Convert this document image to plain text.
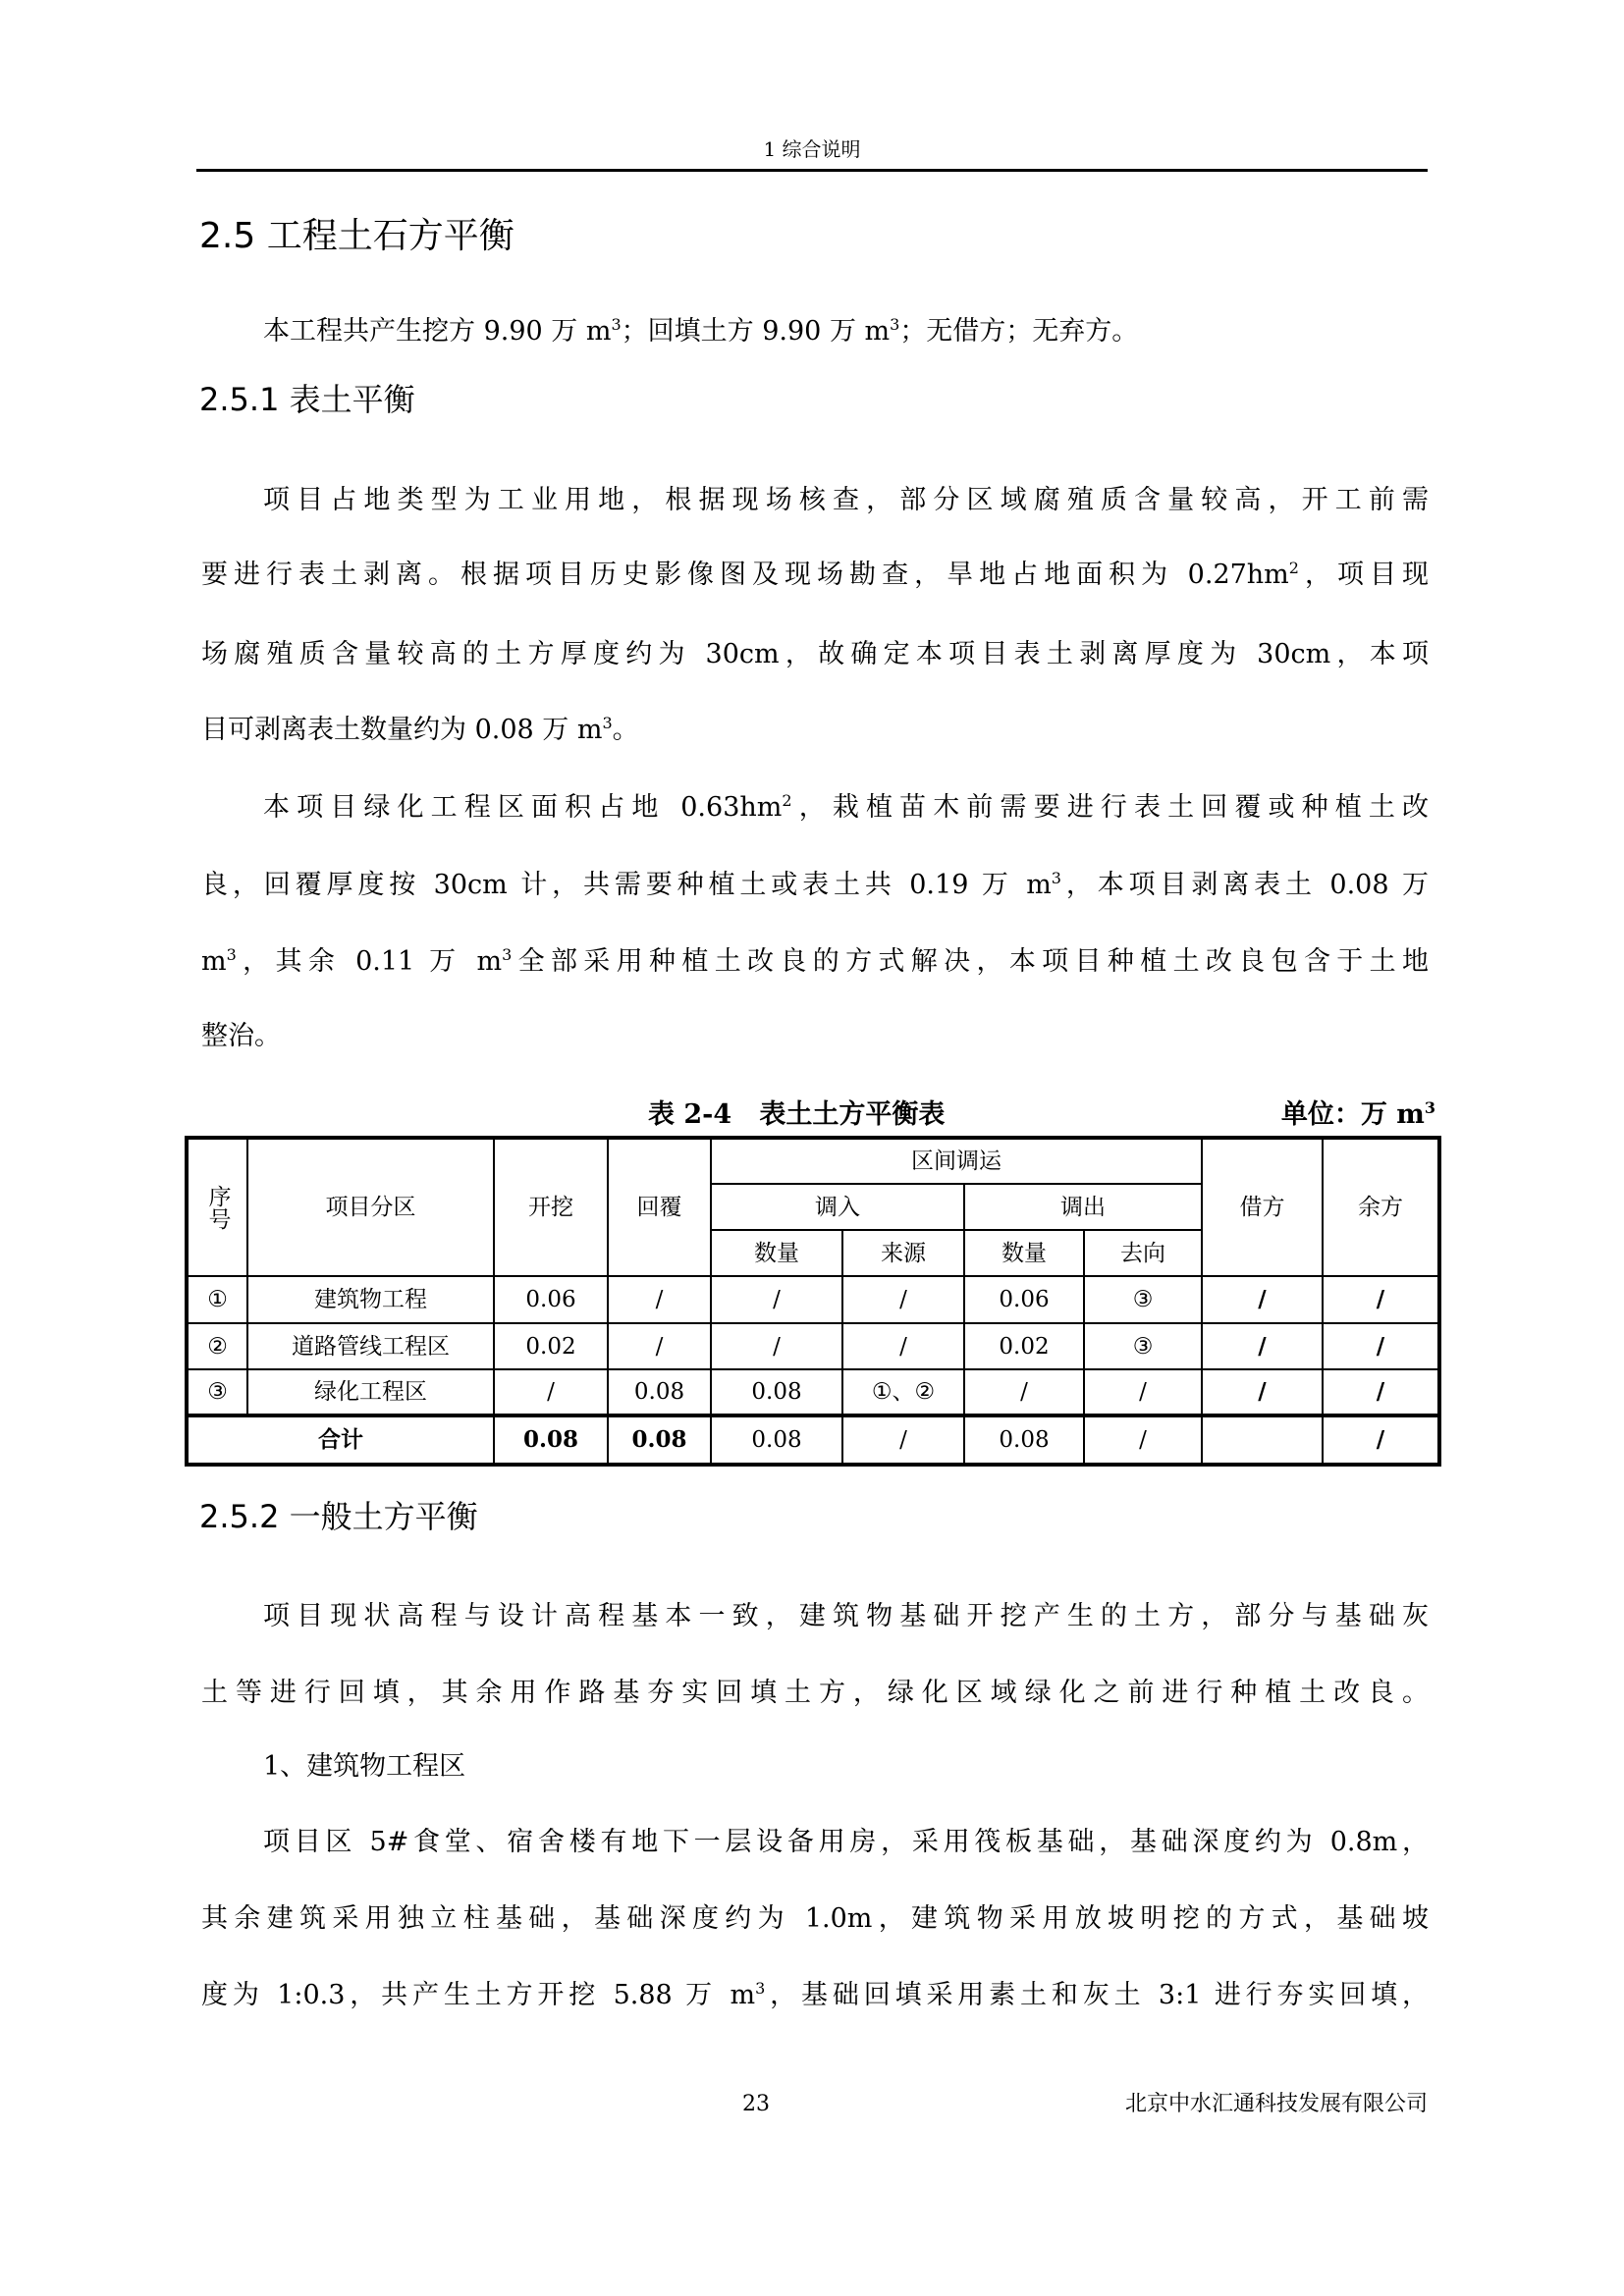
1 综合说明
2.5 工程土石方平衡
本工程共产生挖方 9.90 万 $m^3$；回填土方 9.90 万 $m^3$；无借方；无弃方。
2.5.1 表土平衡
项目占地类型为工业用地，根据现场核查，部分区域腐殖质含量较高，开工前需
要进行表土剥离。根据项目历史影像图及现场勘查，旱地占地面积为 $0.27hm^2$，项目现
场腐殖质含量较高的土方厚度约为 30cm，故确定本项目表土剥离厚度为 30cm，本项
目可剥离表土数量约为 0.08 万 $m^3$。
本项目绿化工程区面积占地 $0.63hm^2$，栽植苗木前需要进行表土回覆或种植土改
良，回覆厚度按 30cm 计，共需要种植土或表土共 0.19 万 $m^3$，本项目剥离表土 0.08 万
$m^3$，其余 0.11 万 $m^3$全部采用种植土改良的方式解决，本项目种植土改良包含于土地
整治。
表 2-4   表土土方平衡表	单位：万 $m^3$
序号	项目分区	开挖	回覆	区间调运				借方	余方
				调入		调出			
				数量	来源	数量	去向		
①	建筑物工程	0.06	/	/	/	0.06	③	/	/
②	道路管线工程区	0.02	/	/	/	0.02	③	/	/
③	绿化工程区	/	0.08	0.08	①、②	/	/	/	/
合计		0.08	0.08	0.08	/	0.08	/		/
2.5.2 一般土方平衡
项目现状高程与设计高程基本一致，建筑物基础开挖产生的土方，部分与基础灰
土等进行回填，其余用作路基夯实回填土方，绿化区域绿化之前进行种植土改良。
1、建筑物工程区
项目区 5#食堂、宿舍楼有地下一层设备用房，采用筏板基础，基础深度约为 0.8m，
其余建筑采用独立柱基础，基础深度约为 1.0m，建筑物采用放坡明挖的方式，基础坡
度为 1:0.3，共产生土方开挖 5.88 万 $m^3$，基础回填采用素土和灰土 3:1 进行夯实回填，
23	北京中水汇通科技发展有限公司
